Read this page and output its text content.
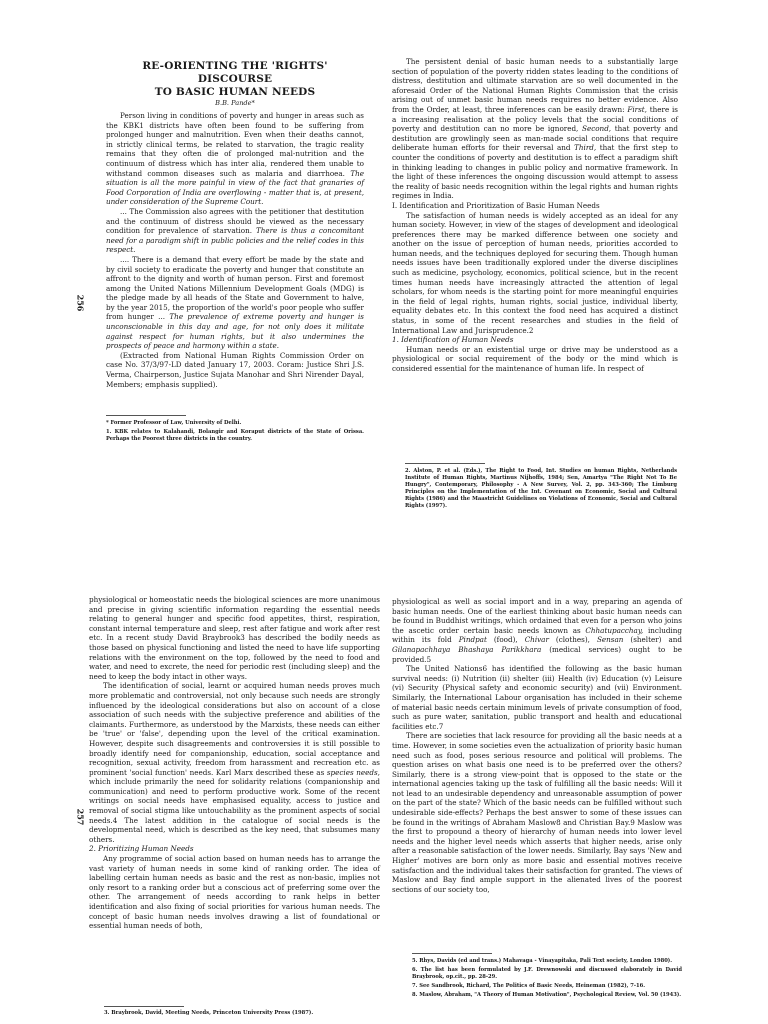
RE-ORIENTING THE 'RIGHTS' DISCOURSE
TO BASIC HUMAN NEEDS
B.B. Pande*

Person living in conditions of poverty and hunger in areas such as the KBK1 districts have often been found to be suffering from prolonged hunger and malnutrition. Even when their deaths cannot, in strictly clinical terms, be related to starvation, the tragic reality remains that they often die of prolonged mal-nutrition and the continuum of distress which has inter alia, rendered them unable to withstand common diseases such as malaria and diarrhoea. The situation is all the more painful in view of the fact that granaries of Food Corporation of India are overflowing - matter that is, at present, under consideration of the Supreme Court.

... The Commission also agrees with the petitioner that destitution and the continuum of distress should be viewed as the necessary condition for prevalence of starvation. There is thus a concomitant need for a paradigm shift in public policies and the relief codes in this respect.

.... There is a demand that every effort be made by the state and by civil society to eradicate the poverty and hunger that constitute an affront to the dignity and worth of human person. First and foremost among the United Nations Millennium Development Goals (MDG) is the pledge made by all heads of the State and Government to halve, by the year 2015, the proportion of the world's poor people who suffer from hunger ... The prevalence of extreme poverty and hunger is unconscionable in this day and age, for not only does it militate against respect for human rights, but it also undermines the prospects of peace and harmony within a state.

(Extracted from National Human Rights Commission Order on case No. 37/3/97-LD dated January 17, 2003. Coram: Justice Shri J.S. Verma, Chairperson, Justice Sujata Manohar and Shri Nirender Dayal, Members; emphasis supplied).

256

* Former Professor of Law, University of Delhi.

1. KBK relates to Kalahandi, Bolangir and Koraput districts of the State of Orissa. Perhaps the Poorest three districts in the country.

The persistent denial of basic human needs to a substantially large section of population of the poverty ridden states leading to the conditions of distress, destitution and ultimate starvation are so well documented in the aforesaid Order of the National Human Rights Commission that the crisis arising out of unmet basic human needs requires no better evidence. Also from the Order, at least, three inferences can be easily drawn: First, there is a increasing realisation at the policy levels that the social conditions of poverty and destitution can no more be ignored, Second, that poverty and destitution are growlingly seen as man-made social conditions that require deliberate human efforts for their reversal and Third, that the first step to counter the conditions of poverty and destitution is to effect a paradigm shift in thinking leading to changes in public policy and normative framework. In the light of these inferences the ongoing discussion would attempt to assess the reality of basic needs recognition within the legal rights and human rights regimes in India.

I. Identification and Prioritization of Basic Human Needs

The satisfaction of human needs is widely accepted as an ideal for any human society. However, in view of the stages of development and ideological preferences there may be marked difference between one society and another on the issue of perception of human needs, priorities accorded to human needs, and the techniques deployed for securing them. Though human needs issues have been traditionally explored under the diverse disciplines such as medicine, psychology, economics, political science, but in the recent times human needs have increasingly attracted the attention of legal scholars, for whom needs is the starting point for more meaningful enquiries in the field of legal rights, human rights, social justice, individual liberty, equality debates etc. In this context the food need has acquired a distinct status, in some of the recent researches and studies in the field of International Law and Jurisprudence.2

1. Identification of Human Needs

Human needs or an existential urge or drive may be understood as a physiological or social requirement of the body or the mind which is considered essential for the maintenance of human life. In respect of

2. Alston, P. et al. (Eds.), The Right to Food, Int. Studies on human Rights, Netherlands Institute of Human Rights, Martinus Nijhoffs, 1984; Sen, Amartya "The Right Not To Be Hungry", Contemporary, Philosophy - A New Survey, Vol. 2, pp. 343-360; The Limburg Principles on the Implementation of the Int. Covenant on Economic, Social and Cultural Rights (1986) and the Maastricht Guidelines on Violations of Economic, Social and Cultural Rights (1997).

physiological or homeostatic needs the biological sciences are more unanimous and precise in giving scientific information regarding the essential needs relating to general hunger and specific food appetites, thirst, respiration, constant internal temperature and sleep, rest after fatigue and work after rest etc. In a recent study David Braybrook3 has described the bodily needs as those based on physical functioning and listed the need to have life supporting relations with the environment on the top, followed by the need to food and water, and need to excrete, the need for periodic rest (including sleep) and the need to keep the body intact in other ways.

The identification of social, learnt or acquired human needs proves much more problematic and controversial, not only because such needs are strongly influenced by the ideological considerations but also on account of a close association of such needs with the subjective preference and abilities of the claimants. Furthermore, as understood by the Marxists, these needs can either be 'true' or 'false', depending upon the level of the critical examination. However, despite such disagreements and controversies it is still possible to broadly identify need for companionship, education, social acceptance and recognition, sexual activity, freedom from harassment and recreation etc. as prominent 'social function' needs. Karl Marx described these as species needs, which include primarily the need for solidarity relations (companionship and communication) and need to perform productive work. Some of the recent writings on social needs have emphasised equality, access to justice and removal of social stigma like untouchability as the prominent aspects of social needs.4 The latest addition in the catalogue of social needs is the developmental need, which is described as the key need, that subsumes many others.

2. Prioritizing Human Needs

Any programme of social action based on human needs has to arrange the vast variety of human needs in some kind of ranking order. The idea of labelling certain human needs as basic and the rest as non-basic, implies not only resort to a ranking order but a conscious act of preferring some over the other. The arrangement of needs according to rank helps in better identification and also fixing of social priorities for various human needs. The concept of basic human needs involves drawing a list of foundational or essential human needs of both,

257

3. Braybrook, David, Meeting Needs, Princeton University Press (1987).

physiological as well as social import and in a way, preparing an agenda of basic human needs. One of the earliest thinking about basic human needs can be found in Buddhist writings, which ordained that even for a person who joins the ascetic order certain basic needs known as Chhatupacchay, including within its fold Pindpat (food), Chivar (clothes), Sensan (shelter) and Gilanapachhaya Bhashaya Parikkhara (medical services) ought to be provided.5

The United Nations6 has identified the following as the basic human survival needs: (i) Nutrition (ii) shelter (iii) Health (iv) Education (v) Leisure (vi) Security (Physical safety and economic security) and (vii) Environment. Similarly, the International Labour organisation has included in their scheme of material basic needs certain minimum levels of private consumption of food, such as pure water, sanitation, public transport and health and educational facilities etc.7

There are societies that lack resource for providing all the basic needs at a time. However, in some societies even the actualization of priority basic human need such as food, poses serious resource and political will problems. The question arises on what basis one need is to be preferred over the others? Similarly, there is a strong view-point that is opposed to the state or the international agencies taking up the task of fulfilling all the basic needs: Will it not lead to an undesirable dependency and unreasonable assumption of power on the part of the state? Which of the basic needs can be fulfilled without such undesirable side-effects? Perhaps the best answer to some of these issues can be found in the writings of Abraham Maslow8 and Christian Bay.9 Maslow was the first to propound a theory of hierarchy of human needs into lower level needs and the higher level needs which asserts that higher needs, arise only after a reasonable satisfaction of the lower needs. Similarly, Bay says 'New and Higher' motives are born only as more basic and essential motives receive satisfaction and the individual takes their satisfaction for granted. The views of Maslow and Bay find ample support in the alienated lives of the poorest sections of our society too,

5. Rhys, Davids (ed and trans.) Mahavaga - Vinayapitaka, Pali Text society, London 1980).

6. The list has been formulated by J.F. Drewnowski and discussed elaborately in David Braybrook, op.cit., pp. 28-29.

7. See Sandbrook, Richard, The Politics of Basic Needs, Heineman (1982), 7-16.

8. Maslow, Abraham, "A Theory of Human Motivation", Psychological Review, Vol. 50 (1943).
